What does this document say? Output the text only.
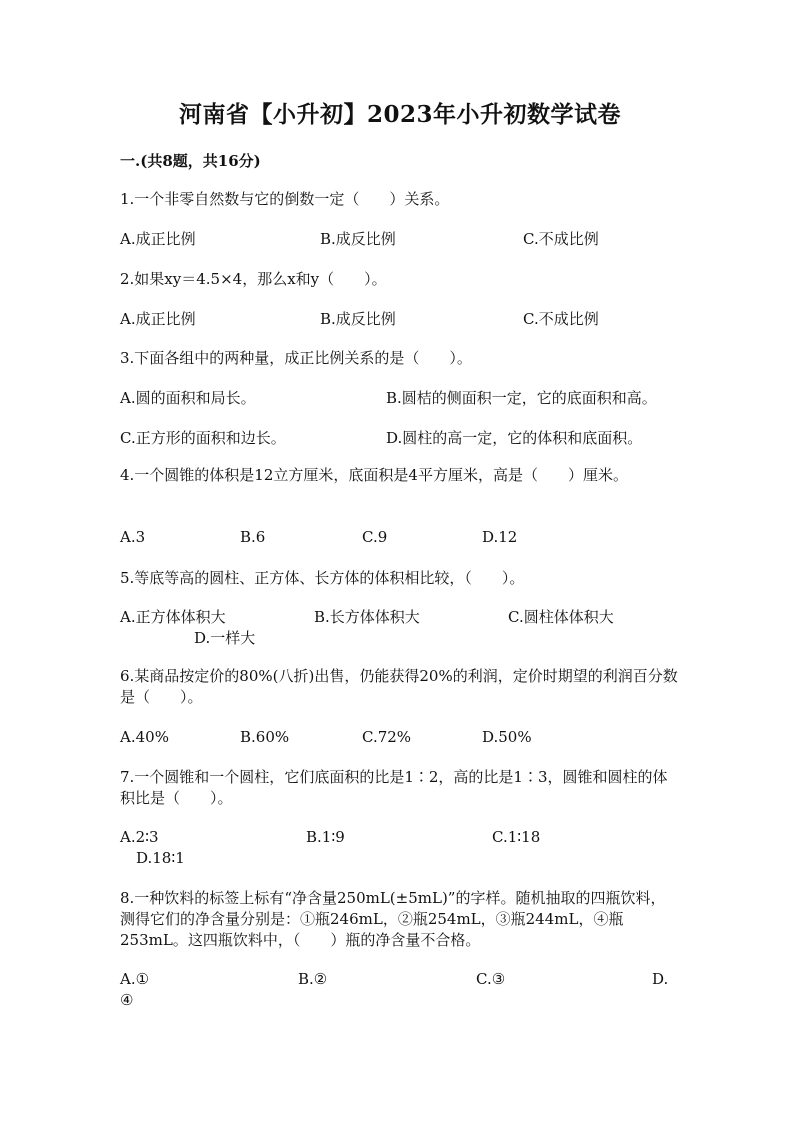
河南省【小升初】2023年小升初数学试卷
一.(共8题，共16分)
1.一个非零自然数与它的倒数一定（　　）关系。
A.成正比例	B.成反比例	C.不成比例
2.如果xy＝4.5×4，那么x和y（　　）。
A.成正比例	B.成反比例	C.不成比例
3.下面各组中的两种量，成正比例关系的是（　　）。
A.圆的面积和局长。	B.圆桔的侧面积一定，它的底面积和高。
C.正方形的面积和边长。	D.圆柱的高一定，它的体积和底面积。
4.一个圆锥的体积是12立方厘米，底面积是4平方厘米，高是（　　）厘米。
A.3	B.6	C.9	D.12
5.等底等高的圆柱、正方体、长方体的体积相比较，（　　）。
A.正方体体积大	B.长方体体积大	C.圆柱体体积大
D.一样大
6.某商品按定价的80%(八折)出售，仍能获得20%的利润，定价时期望的利润百分数是（　　）。
A.40%	B.60%	C.72%	D.50%
7.一个圆锥和一个圆柱，它们底面积的比是1∶2，高的比是1∶3，圆锥和圆柱的体积比是（　　）。
A.2∶3	B.1∶9	C.1∶18
D.18∶1
8.一种饮料的标签上标有“净含量250mL(±5mL)”的字样。随机抽取的四瓶饮料，测得它们的净含量分别是：①瓶246mL，②瓶254mL，③瓶244mL，④瓶253mL。这四瓶饮料中，（　　）瓶的净含量不合格。
A.①	B.②	C.③	D.
④
